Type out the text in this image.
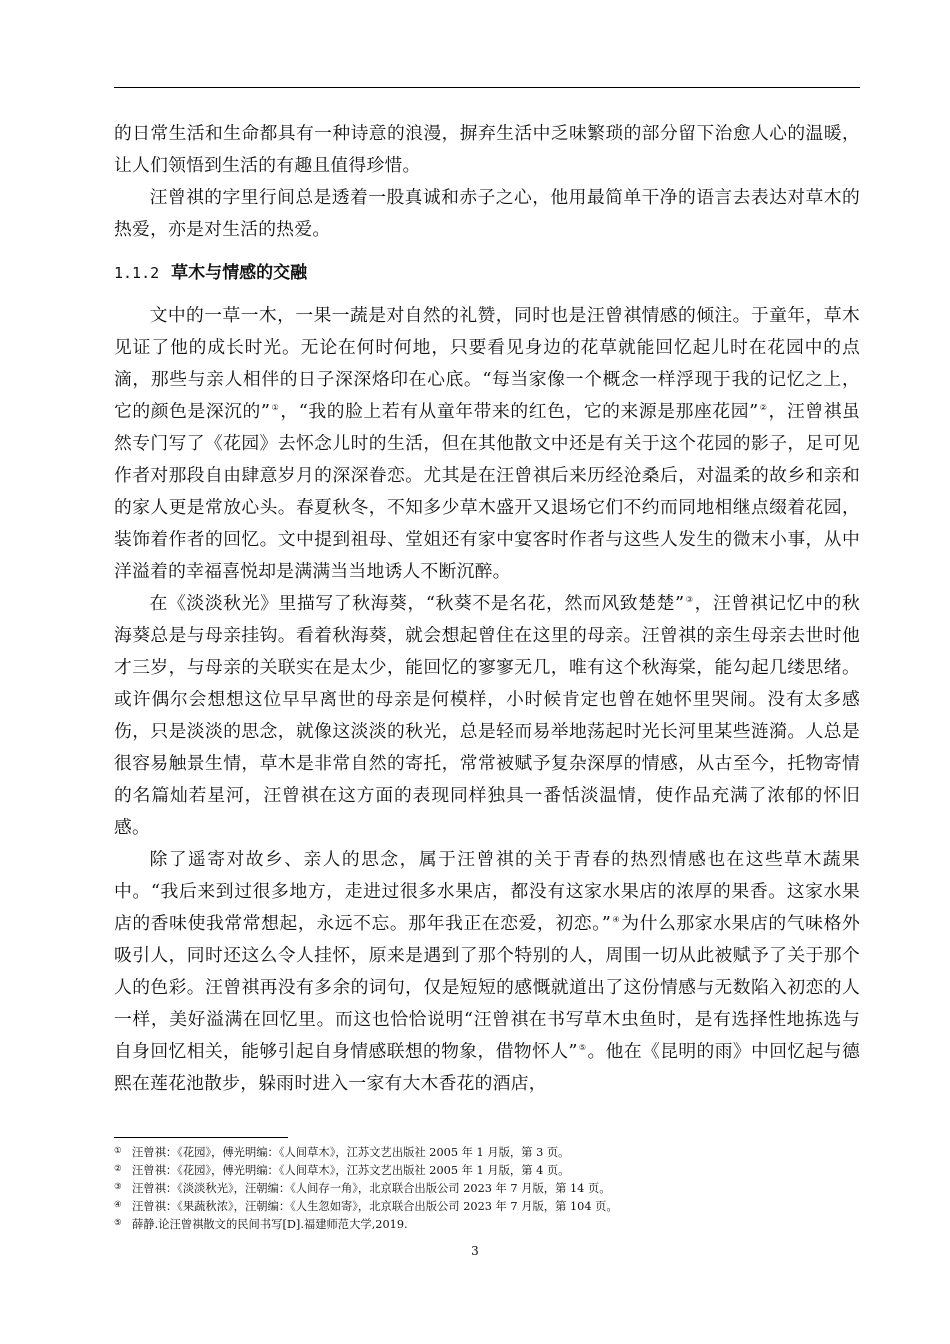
的日常生活和生命都具有一种诗意的浪漫，摒弃生活中乏味繁琐的部分留下治愈人心的温暖，让人们领悟到生活的有趣且值得珍惜。

汪曾祺的字里行间总是透着一股真诚和赤子之心，他用最简单干净的语言去表达对草木的热爱，亦是对生活的热爱。

1.1.2 草木与情感的交融

文中的一草一木，一果一蔬是对自然的礼赞，同时也是汪曾祺情感的倾注。于童年，草木见证了他的成长时光。无论在何时何地，只要看见身边的花草就能回忆起儿时在花园中的点滴，那些与亲人相伴的日子深深烙印在心底。“每当家像一个概念一样浮现于我的记忆之上，它的颜色是深沉的”①，“我的脸上若有从童年带来的红色，它的来源是那座花园”②，汪曾祺虽然专门写了《花园》去怀念儿时的生活，但在其他散文中还是有关于这个花园的影子，足可见作者对那段自由肆意岁月的深深眷恋。尤其是在汪曾祺后来历经沧桑后，对温柔的故乡和亲和的家人更是常放心头。春夏秋冬，不知多少草木盛开又退场它们不约而同地相继点缀着花园，装饰着作者的回忆。文中提到祖母、堂姐还有家中宴客时作者与这些人发生的微末小事，从中洋溢着的幸福喜悦却是满满当当地诱人不断沉醉。

在《淡淡秋光》里描写了秋海葵，“秋葵不是名花，然而风致楚楚”③，汪曾祺记忆中的秋海葵总是与母亲挂钩。看着秋海葵，就会想起曾住在这里的母亲。汪曾祺的亲生母亲去世时他才三岁，与母亲的关联实在是太少，能回忆的寥寥无几，唯有这个秋海棠，能勾起几缕思绪。或许偶尔会想想这位早早离世的母亲是何模样，小时候肯定也曾在她怀里哭闹。没有太多感伤，只是淡淡的思念，就像这淡淡的秋光，总是轻而易举地荡起时光长河里某些涟漪。人总是很容易触景生情，草木是非常自然的寄托，常常被赋予复杂深厚的情感，从古至今，托物寄情的名篇灿若星河，汪曾祺在这方面的表现同样独具一番恬淡温情，使作品充满了浓郁的怀旧感。

除了遥寄对故乡、亲人的思念，属于汪曾祺的关于青春的热烈情感也在这些草木蔬果中。“我后来到过很多地方，走进过很多水果店，都没有这家水果店的浓厚的果香。这家水果店的香味使我常常想起，永远不忘。那年我正在恋爱，初恋。”④为什么那家水果店的气味格外吸引人，同时还这么令人挂怀，原来是遇到了那个特别的人，周围一切从此被赋予了关于那个人的色彩。汪曾祺再没有多余的词句，仅是短短的感慨就道出了这份情感与无数陷入初恋的人一样，美好溢满在回忆里。而这也恰恰说明“汪曾祺在书写草木虫鱼时，是有选择性地拣选与自身回忆相关，能够引起自身情感联想的物象，借物怀人”⑤。他在《昆明的雨》中回忆起与德熙在莲花池散步，躲雨时进入一家有大木香花的酒店，

① 汪曾祺：《花园》，傅光明编：《人间草木》，江苏文艺出版社 2005 年 1 月版，第 3 页。
② 汪曾祺：《花园》，傅光明编：《人间草木》，江苏文艺出版社 2005 年 1 月版，第 4 页。
③ 汪曾祺：《淡淡秋光》，汪朝编：《人间存一角》，北京联合出版公司 2023 年 7 月版，第 14 页。
④ 汪曾祺：《果蔬秋浓》，汪朝编：《人生忽如寄》，北京联合出版公司 2023 年 7 月版，第 104 页。
⑤ 薛静.论汪曾祺散文的民间书写[D].福建师范大学,2019.
3
